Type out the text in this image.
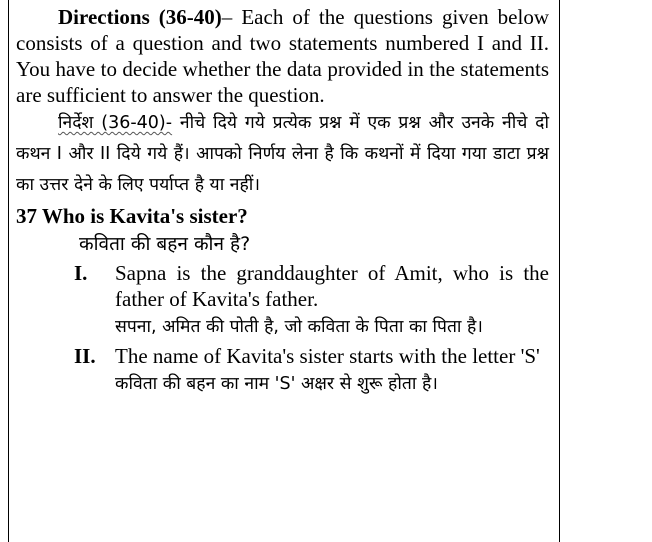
Directions (36-40)– Each of the questions given below consists of a question and two statements numbered I and II. You have to decide whether the data provided in the statements are sufficient to answer the question.

निर्देश (36-40)- नीचे दिये गये प्रत्येक प्रश्न में एक प्रश्न और उनके नीचे दो कथन I और II दिये गये हैं। आपको निर्णय लेना है कि कथनों में दिया गया डाटा प्रश्न का उत्तर देने के लिए पर्याप्त है या नहीं।

37 Who is Kavita's sister?

कविता की बहन कौन है?

I. Sapna is the granddaughter of Amit, who is the father of Kavita's father.

सपना, अमित की पोती है, जो कविता के पिता का पिता है।

II. The name of Kavita's sister starts with the letter 'S'

कविता की बहन का नाम 'S' अक्षर से शुरू होता है।
